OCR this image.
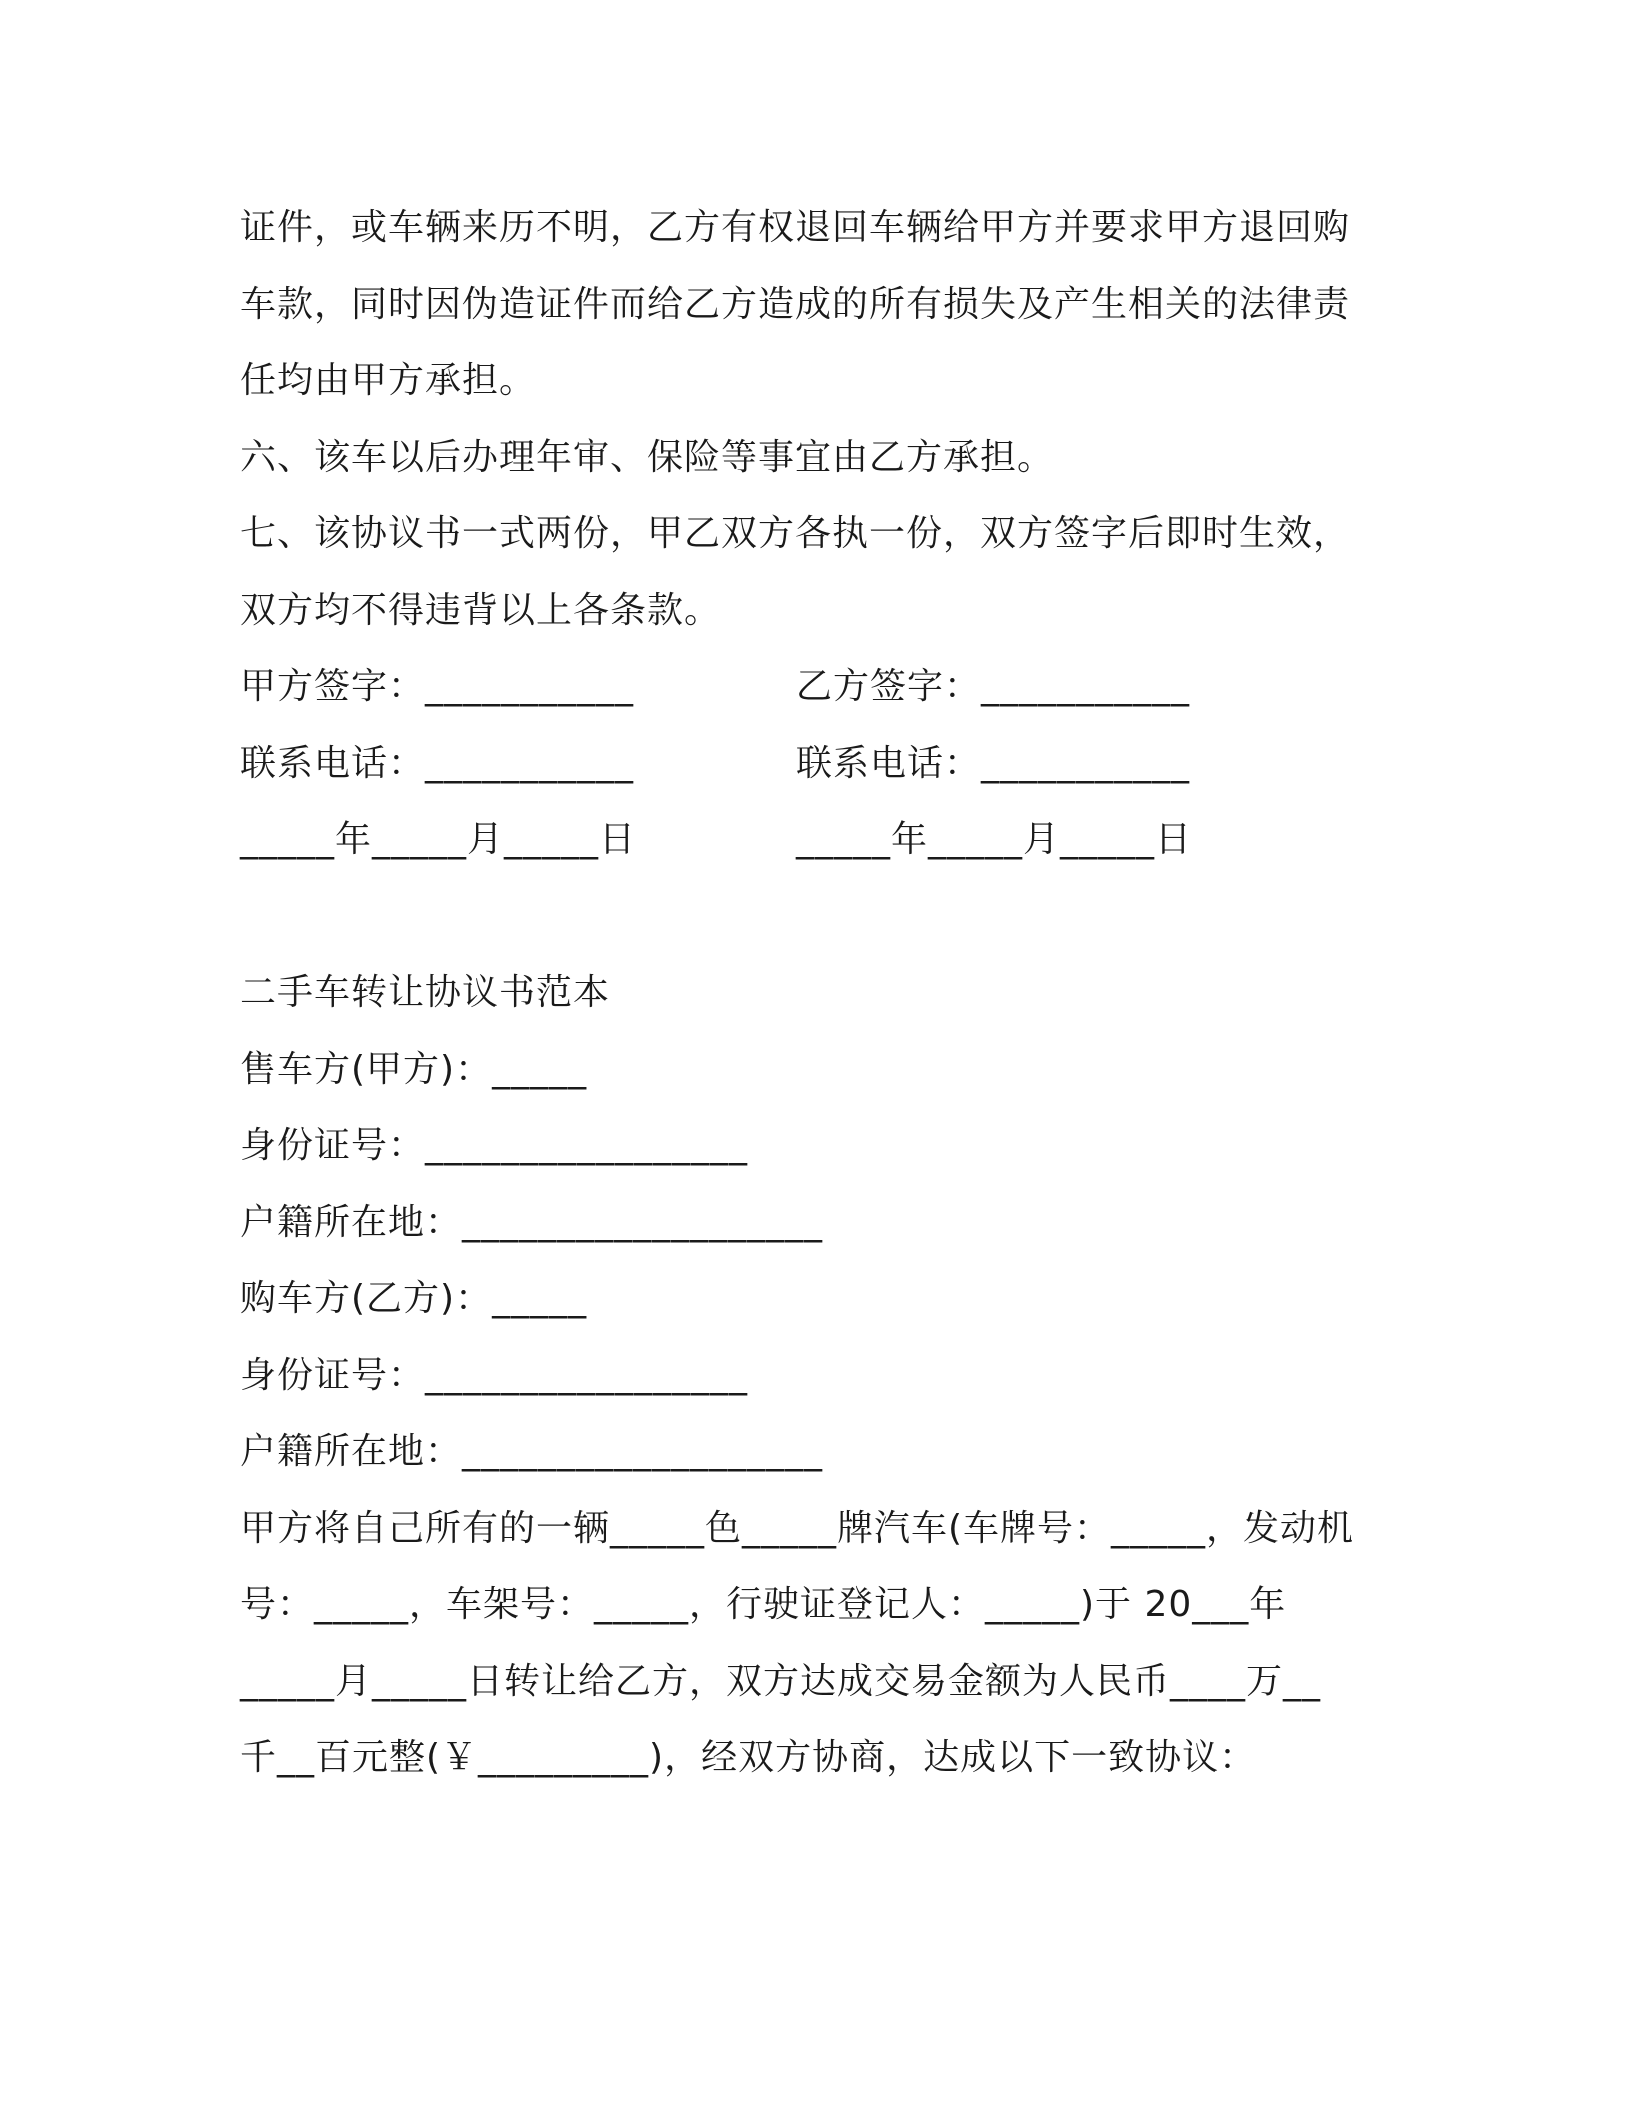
证件，或车辆来历不明，乙方有权退回车辆给甲方并要求甲方退回购
车款，同时因伪造证件而给乙方造成的所有损失及产生相关的法律责
任均由甲方承担。
六、该车以后办理年审、保险等事宜由乙方承担。
七、该协议书一式两份，甲乙双方各执一份，双方签字后即时生效，
双方均不得违背以上各条款。
甲方签字：___________	乙方签字：___________
联系电话：___________	联系电话：___________
_____年_____月_____日	_____年_____月_____日
二手车转让协议书范本
售车方(甲方)：_____
身份证号：_________________
户籍所在地：___________________
购车方(乙方)：_____
身份证号：_________________
户籍所在地：___________________
甲方将自己所有的一辆_____色_____牌汽车(车牌号：_____，发动机
号：_____，车架号：_____，行驶证登记人：_____)于 20___年
_____月_____日转让给乙方，双方达成交易金额为人民币____万__
千__百元整(￥_________)，经双方协商，达成以下一致协议：
